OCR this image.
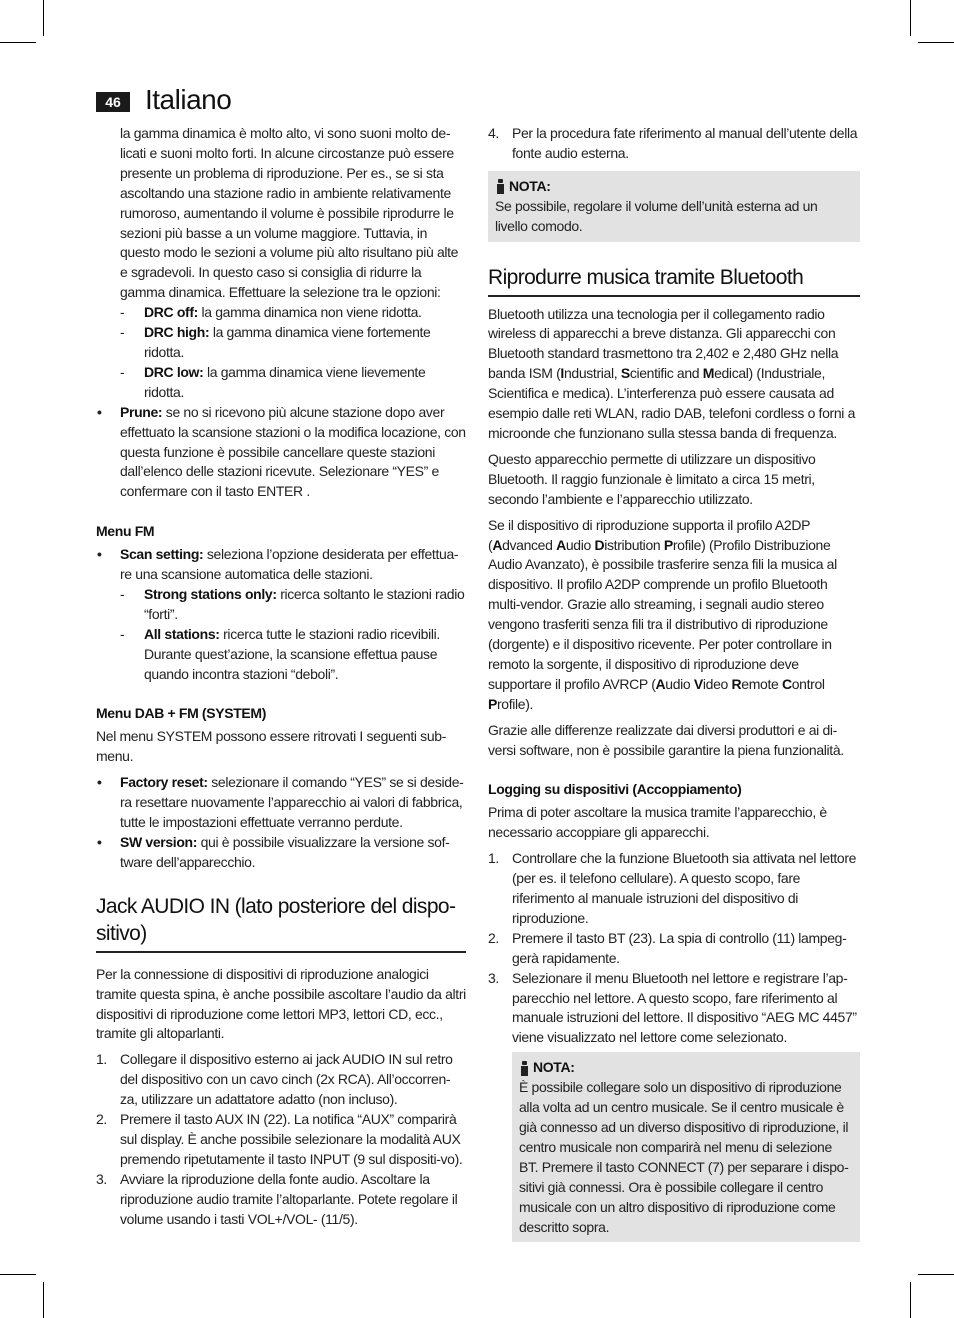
46 Italiano

la gamma dinamica è molto alto, vi sono suoni molto de-licati e suoni molto forti. In alcune circostanze può essere presente un problema di riproduzione. Per es., se si sta ascoltando una stazione radio in ambiente relativamente rumoroso, aumentando il volume è possibile riprodurre le sezioni più basse a un volume maggiore. Tuttavia, in questo modo le sezioni a volume più alto risultano più alte e sgradevoli. In questo caso si consiglia di ridurre la gamma dinamica. Effettuare la selezione tra le opzioni:

- DRC off: la gamma dinamica non viene ridotta.
- DRC high: la gamma dinamica viene fortemente ridotta.
- DRC low: la gamma dinamica viene lievemente ridotta.
• Prune: se no si ricevono più alcune stazione dopo aver effettuato la scansione stazioni o la modifica locazione, con questa funzione è possibile cancellare queste stazioni dall’elenco delle stazioni ricevute. Selezionare “YES” e confermare con il tasto ENTER .

Menu FM

• Scan setting: seleziona l’opzione desiderata per effettua-re una scansione automatica delle stazioni.
- Strong stations only: ricerca soltanto le stazioni radio “forti”.
- All stations: ricerca tutte le stazioni radio ricevibili. Durante quest’azione, la scansione effettua pause quando incontra stazioni “deboli”.

Menu DAB + FM (SYSTEM)

Nel menu SYSTEM possono essere ritrovati I seguenti sub-menu.

• Factory reset: selezionare il comando “YES” se si deside-ra resettare nuovamente l’apparecchio ai valori di fabbrica, tutte le impostazioni effettuate verranno perdute.
• SW version: qui è possibile visualizzare la versione sof-tware dell’apparecchio.
Jack AUDIO IN (lato posteriore del dispo-sitivo)

Per la connessione di dispositivi di riproduzione analogici tramite questa spina, è anche possibile ascoltare l’audio da altri dispositivi di riproduzione come lettori MP3, lettori CD, ecc., tramite gli altoparlanti.

1. Collegare il dispositivo esterno ai jack AUDIO IN sul retro del dispositivo con un cavo cinch (2x RCA). All’occorren-za, utilizzare un adattatore adatto (non incluso).
2. Premere il tasto AUX IN (22). La notifica “AUX” comparirà sul display. È anche possibile selezionare la modalità AUX premendo ripetutamente il tasto INPUT (9 sul dispositi-vo).
3. Avviare la riproduzione della fonte audio. Ascoltare la riproduzione audio tramite l’altoparlante. Potete regolare il volume usando i tasti VOL+/VOL- (11/5).
4. Per la procedura fate riferimento al manual dell’utente della fonte audio esterna.
NOTA:

Se possibile, regolare il volume dell’unità esterna ad un livello comodo.

Riprodurre musica tramite Bluetooth

Bluetooth utilizza una tecnologia per il collegamento radio wireless di apparecchi a breve distanza. Gli apparecchi con Bluetooth standard trasmettono tra 2,402 e 2,480 GHz nella banda ISM (Industrial, Scientific and Medical) (Industriale, Scientifica e medica). L’interferenza può essere causata ad esempio dalle reti WLAN, radio DAB, telefoni cordless o forni a microonde che funzionano sulla stessa banda di frequenza.

Questo apparecchio permette di utilizzare un dispositivo Bluetooth. Il raggio funzionale è limitato a circa 15 metri, secondo l’ambiente e l’apparecchio utilizzato.

Se il dispositivo di riproduzione supporta il profilo A2DP (Advanced Audio Distribution Profile) (Profilo Distribuzione Audio Avanzato), è possibile trasferire senza fili la musica al dispositivo. Il profilo A2DP comprende un profilo Bluetooth multi-vendor. Grazie allo streaming, i segnali audio stereo vengono trasferiti senza fili tra il distributivo di riproduzione (dorgente) e il dispositivo ricevente. Per poter controllare in remoto la sorgente, il dispositivo di riproduzione deve supportare il profilo AVRCP (Audio Video Remote Control Profile).

Grazie alle differenze realizzate dai diversi produttori e ai di-versi software, non è possibile garantire la piena funzionalità.

Logging su dispositivi (Accoppiamento)

Prima di poter ascoltare la musica tramite l’apparecchio, è necessario accoppiare gli apparecchi.

1. Controllare che la funzione Bluetooth sia attivata nel lettore (per es. il telefono cellulare). A questo scopo, fare riferimento al manuale istruzioni del dispositivo di riproduzione.
2. Premere il tasto BT (23). La spia di controllo (11) lampeg-gerà rapidamente.
3. Selezionare il menu Bluetooth nel lettore e registrare l’ap-parecchio nel lettore. A questo scopo, fare riferimento al manuale istruzioni del lettore. Il dispositivo “AEG MC 4457” viene visualizzato nel lettore come selezionato.
NOTA:

È possibile collegare solo un dispositivo di riproduzione alla volta ad un centro musicale. Se il centro musicale è già connesso ad un diverso dispositivo di riproduzione, il centro musicale non comparirà nel menu di selezione BT. Premere il tasto CONNECT (7) per separare i dispo-sitivi già connessi. Ora è possibile collegare il centro musicale con un altro dispositivo di riproduzione come descritto sopra.
